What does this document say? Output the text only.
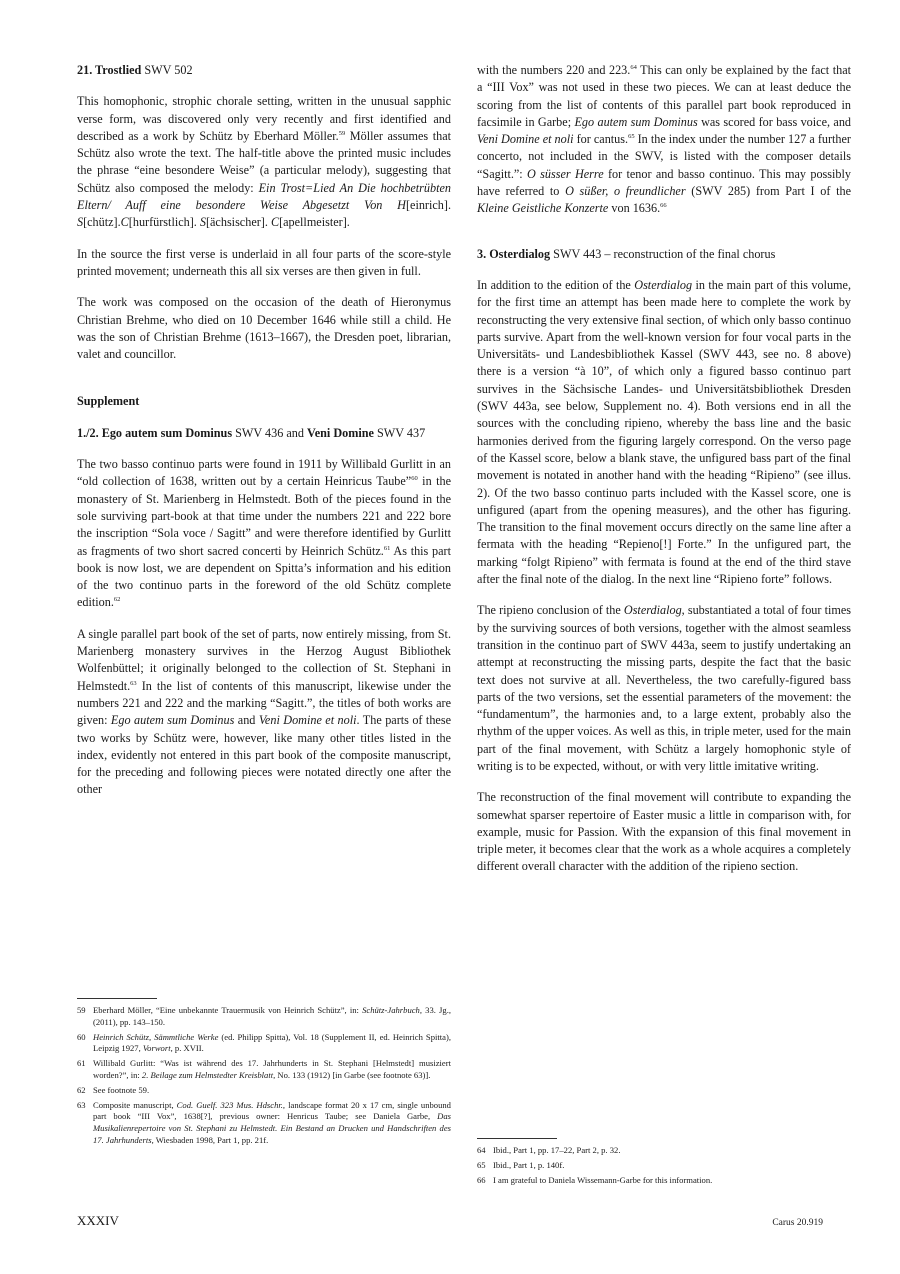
21. Trostlied SWV 502

This homophonic, strophic chorale setting, written in the unusual sapphic verse form, was discovered only very recently and first identified and described as a work by Schütz by Eberhard Möller.$^{59}$ Möller assumes that Schütz also wrote the text. The half-title above the printed music includes the phrase “eine besondere Weise” (a particular melody), suggesting that Schütz also composed the melody: Ein Trost=Lied An Die hochbetrübten Eltern/ Auff eine besondere Weise Abgesetzt Von H[einrich]. S[chütz].C[hurfürstlich]. S[ächsischer]. C[apellmeister].

In the source the first verse is underlaid in all four parts of the score-style printed movement; underneath this all six verses are then given in full.

The work was composed on the occasion of the death of Hieronymus Christian Brehme, who died on 10 December 1646 while still a child. He was the son of Christian Brehme (1613–1667), the Dresden poet, librarian, valet and councillor.

Supplement
1./2. Ego autem sum Dominus SWV 436 and Veni Domine SWV 437

The two basso continuo parts were found in 1911 by Willibald Gurlitt in an “old collection of 1638, written out by a certain Heinricus Taube”$^{60}$ in the monastery of St. Marienberg in Helmstedt. Both of the pieces found in the sole surviving part-book at that time under the numbers 221 and 222 bore the inscription “Sola voce / Sagitt” and were therefore identified by Gurlitt as fragments of two short sacred concerti by Heinrich Schütz.$^{61}$ As this part book is now lost, we are dependent on Spitta’s information and his edition of the two continuo parts in the foreword of the old Schütz complete edition.$^{62}$

A single parallel part book of the set of parts, now entirely missing, from St. Marienberg monastery survives in the Herzog August Bibliothek Wolfenbüttel; it originally belonged to the collection of St. Stephani in Helmstedt.$^{63}$ In the list of contents of this manuscript, likewise under the numbers 221 and 222 and the marking “Sagitt.”, the titles of both works are given: Ego autem sum Dominus and Veni Domine et noli. The parts of these two works by Schütz were, however, like many other titles listed in the index, evidently not entered in this part book of the composite manuscript, for the preceding and following pieces were notated directly one after the other

with the numbers 220 and 223.64 This can only be explained by the fact that a “III Vox” was not used in these two pieces. We can at least deduce the scoring from the list of contents of this parallel part book reproduced in facsimile in Garbe; Ego autem sum Dominus was scored for bass voice, and Veni Domine et noli for cantus.$^{65}$ In the index under the number 127 a further concerto, not included in the SWV, is listed with the composer details “Sagitt.”: O süsser Herre for tenor and basso continuo. This may possibly have referred to O süßer, o freundlicher (SWV 285) from Part I of the Kleine Geistliche Konzerte von 1636.66

3. Osterdialog SWV 443 – reconstruction of the final chorus

In addition to the edition of the Osterdialog in the main part of this volume, for the first time an attempt has been made here to complete the work by reconstructing the very extensive final section, of which only basso continuo parts survive. Apart from the well-known version for four vocal parts in the Universitäts- und Landesbibliothek Kassel (SWV 443, see no. 8 above) there is a version “à 10”, of which only a figured basso continuo part survives in the Sächsische Landes- und Universitätsbibliothek Dresden (SWV 443a, see below, Supplement no. 4). Both versions end in all the sources with the concluding ripieno, whereby the bass line and the basic harmonies derived from the figuring largely correspond. On the verso page of the Kassel score, below a blank stave, the unfigured bass part of the final movement is notated in another hand with the heading “Ripieno” (see illus. 2). Of the two basso continuo parts included with the Kassel score, one is unfigured (apart from the opening measures), and the other has figuring. The transition to the final movement occurs directly on the same line after a fermata with the heading “Repieno[!] Forte.” In the unfigured part, the marking “folgt Ripieno” with fermata is found at the end of the third stave after the final note of the dialog. In the next line “Ripieno forte” follows.

The ripieno conclusion of the Osterdialog, substantiated a total of four times by the surviving sources of both versions, together with the almost seamless transition in the continuo part of SWV 443a, seem to justify undertaking an attempt at reconstructing the missing parts, despite the fact that the basic text does not survive at all. Nevertheless, the two carefully-figured bass parts of the two versions, set the essential parameters of the movement: the “fundamentum”, the harmonies and, to a large extent, probably also the rhythm of the upper voices. As well as this, in triple meter, used for the main part of the final movement, with Schütz a largely homophonic style of writing is to be expected, without, or with very little imitative writing.

The reconstruction of the final movement will contribute to expanding the somewhat sparser repertoire of Easter music a little in comparison with, for example, music for Passion. With the expansion of this final movement in triple meter, it becomes clear that the work as a whole acquires a completely different overall character with the addition of the ripieno section.

59 Eberhard Möller, “Eine unbekannte Trauermusik von Heinrich Schütz”, in: Schütz-Jahrbuch, 33. Jg., (2011), pp. 143–150.
60 Heinrich Schütz, Sämmtliche Werke (ed. Philipp Spitta), Vol. 18 (Supplement II, ed. Heinrich Spitta), Leipzig 1927, Vorwort, p. XVII.
61 Willibald Gurlitt: “Was ist während des 17. Jahrhunderts in St. Stephani [Helmstedt] musiziert worden?”, in: 2. Beilage zum Helmstedter Kreisblatt, No. 133 (1912) [in Garbe (see footnote 63)].
62 See footnote 59.
63 Composite manuscript, Cod. Guelf. 323 Mus. Hdschr., landscape format 20 x 17 cm, single unbound part book “III Vox”, 1638[?], previous owner: Henricus Taube; see Daniela Garbe, Das Musikalienrepertoire von St. Stephani zu Helmstedt. Ein Bestand an Drucken und Handschriften des 17. Jahrhunderts, Wiesbaden 1998, Part 1, pp. 21f.
64 Ibid., Part 1, pp. 17–22, Part 2, p. 32.
65 Ibid., Part 1, p. 140f.
66 I am grateful to Daniela Wissemann-Garbe for this information.
XXXIV	Carus 20.919
